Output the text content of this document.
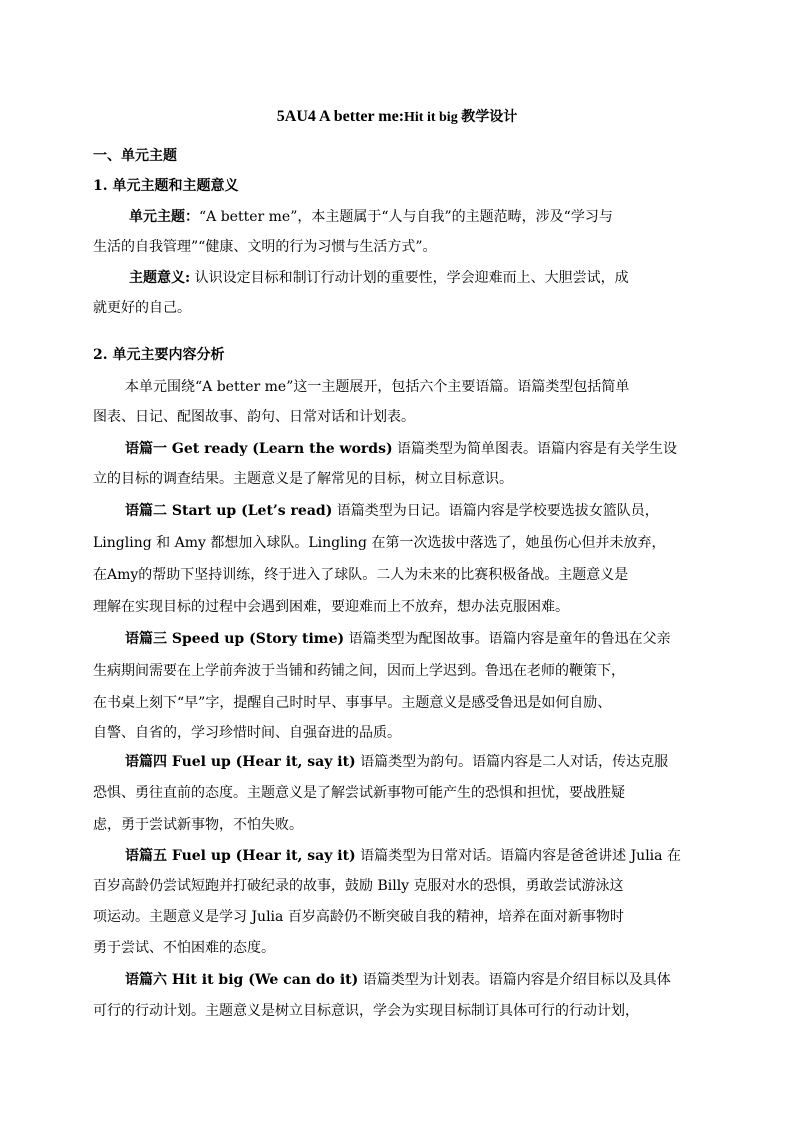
5AU4 A better me:Hit it big 教学设计
一、单元主题
1. 单元主题和主题意义
单元主题：“A better me”，本主题属于“人与自我”的主题范畴，涉及“学习与
生活的自我管理”“健康、文明的行为习惯与生活方式”。
主题意义: 认识设定目标和制订行动计划的重要性，学会迎难而上、大胆尝试，成
就更好的自己。
2. 单元主要内容分析
本单元围绕“A better me”这一主题展开，包括六个主要语篇。语篇类型包括简单
图表、日记、配图故事、韵句、日常对话和计划表。
语篇一 Get ready (Learn the words) 语篇类型为简单图表。语篇内容是有关学生设
立的目标的调查结果。主题意义是了解常见的目标，树立目标意识。
语篇二 Start up (Let’s read) 语篇类型为日记。语篇内容是学校要选拔女篮队员，
Lingling 和 Amy 都想加入球队。Lingling 在第一次选拔中落选了，她虽伤心但并未放弃，
在Amy的帮助下坚持训练，终于进入了球队。二人为未来的比赛积极备战。主题意义是
理解在实现目标的过程中会遇到困难，要迎难而上不放弃，想办法克服困难。
语篇三 Speed up (Story time) 语篇类型为配图故事。语篇内容是童年的鲁迅在父亲
生病期间需要在上学前奔波于当铺和药铺之间，因而上学迟到。鲁迅在老师的鞭策下，
在书桌上刻下“早”字，提醒自己时时早、事事早。主题意义是感受鲁迅是如何自励、
自警、自省的，学习珍惜时间、自强奋进的品质。
语篇四 Fuel up (Hear it, say it) 语篇类型为韵句。语篇内容是二人对话，传达克服
恐惧、勇往直前的态度。主题意义是了解尝试新事物可能产生的恐惧和担忧，要战胜疑
虑，勇于尝试新事物，不怕失败。
语篇五 Fuel up (Hear it, say it) 语篇类型为日常对话。语篇内容是爸爸讲述 Julia 在
百岁高龄仍尝试短跑并打破纪录的故事，鼓励 Billy 克服对水的恐惧，勇敢尝试游泳这
项运动。主题意义是学习 Julia 百岁高龄仍不断突破自我的精神，培养在面对新事物时
勇于尝试、不怕困难的态度。
语篇六 Hit it big (We can do it) 语篇类型为计划表。语篇内容是介绍目标以及具体
可行的行动计划。主题意义是树立目标意识，学会为实现目标制订具体可行的行动计划，
